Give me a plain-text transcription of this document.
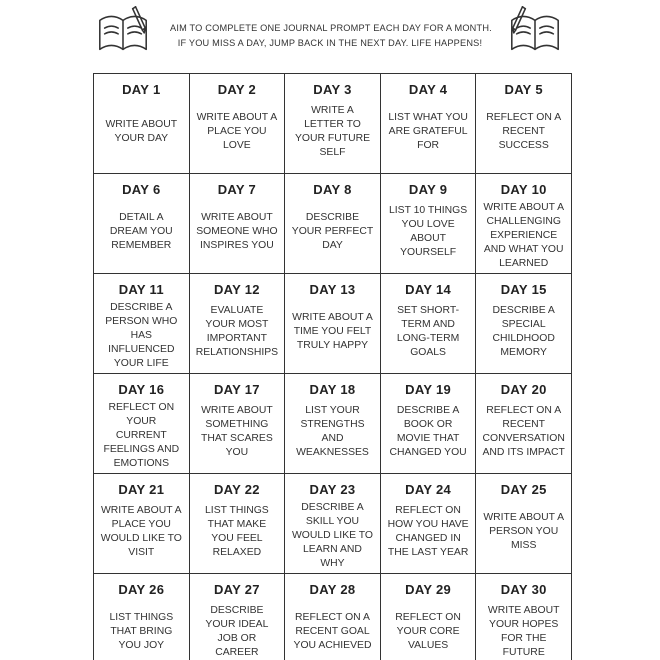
AIM TO COMPLETE ONE JOURNAL PROMPT EACH DAY FOR A MONTH.
IF YOU MISS A DAY, JUMP BACK IN THE NEXT DAY. LIFE HAPPENS!
DAY 1
WRITE ABOUT YOUR DAY
DAY 2
WRITE ABOUT A PLACE YOU LOVE
DAY 3
WRITE A LETTER TO YOUR FUTURE SELF
DAY 4
LIST WHAT YOU ARE GRATEFUL FOR
DAY 5
REFLECT ON A RECENT SUCCESS
DAY 6
DETAIL A DREAM YOU REMEMBER
DAY 7
WRITE ABOUT SOMEONE WHO INSPIRES YOU
DAY 8
DESCRIBE YOUR PERFECT DAY
DAY 9
LIST 10 THINGS YOU LOVE ABOUT YOURSELF
DAY 10
WRITE ABOUT A CHALLENGING EXPERIENCE AND WHAT YOU LEARNED
DAY 11
DESCRIBE A PERSON WHO HAS INFLUENCED YOUR LIFE
DAY 12
EVALUATE YOUR MOST IMPORTANT RELATIONSHIPS
DAY 13
WRITE ABOUT A TIME YOU FELT TRULY HAPPY
DAY 14
SET SHORT-TERM AND LONG-TERM GOALS
DAY 15
DESCRIBE A SPECIAL CHILDHOOD MEMORY
DAY 16
REFLECT ON YOUR CURRENT FEELINGS AND EMOTIONS
DAY 17
WRITE ABOUT SOMETHING THAT SCARES YOU
DAY 18
LIST YOUR STRENGTHS AND WEAKNESSES
DAY 19
DESCRIBE A BOOK OR MOVIE THAT CHANGED YOU
DAY 20
REFLECT ON A RECENT CONVERSATION AND ITS IMPACT
DAY 21
WRITE ABOUT A PLACE YOU WOULD LIKE TO VISIT
DAY 22
LIST THINGS THAT MAKE YOU FEEL RELAXED
DAY 23
DESCRIBE A SKILL YOU WOULD LIKE TO LEARN AND WHY
DAY 24
REFLECT ON HOW YOU HAVE CHANGED IN THE LAST YEAR
DAY 25
WRITE ABOUT A PERSON YOU MISS
DAY 26
LIST THINGS THAT BRING YOU JOY
DAY 27
DESCRIBE YOUR IDEAL JOB OR CAREER
DAY 28
REFLECT ON A RECENT GOAL YOU ACHIEVED
DAY 29
REFLECT ON YOUR CORE VALUES
DAY 30
WRITE ABOUT YOUR HOPES FOR THE FUTURE
